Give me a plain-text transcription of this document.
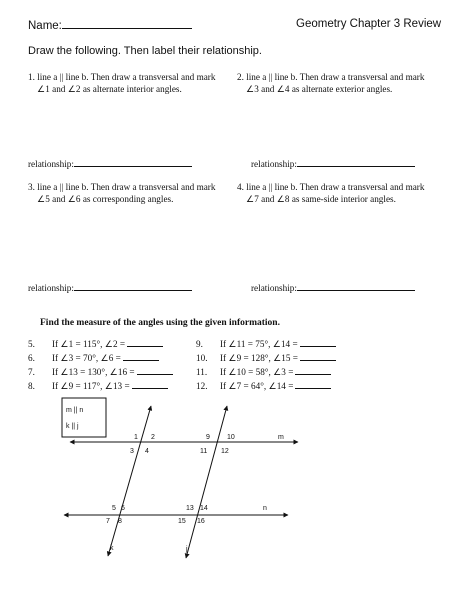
Name:	Geometry Chapter 3 Review
Draw the following. Then label their relationship.
1. line a || line b. Then draw a transversal and mark
∠1 and ∠2 as alternate interior angles.
2. line a || line b. Then draw a transversal and mark
∠3 and ∠4 as alternate exterior angles.
relationship:	relationship:
3. line a || line b. Then draw a transversal and mark
∠5 and ∠6 as corresponding angles.
4. line a || line b. Then draw a transversal and mark
∠7 and ∠8 as same-side interior angles.
relationship:	relationship:
Find the measure of the angles using the given information.
5. If ∠1 = 115°, ∠2 =
6. If ∠3 = 70°, ∠6 =
7. If ∠13 = 130°, ∠16 =
8. If ∠9 = 117°, ∠13 =
9. If ∠11 = 75°, ∠14 =
10. If ∠9 = 128°, ∠15 =
11. If ∠10 = 58°, ∠3 =
12. If ∠7 = 64°, ∠14 =
m || n
k || j
m
n
k	j
1 2
3 4
9 10
11 12
5 6
7 8
13 14
15 16
